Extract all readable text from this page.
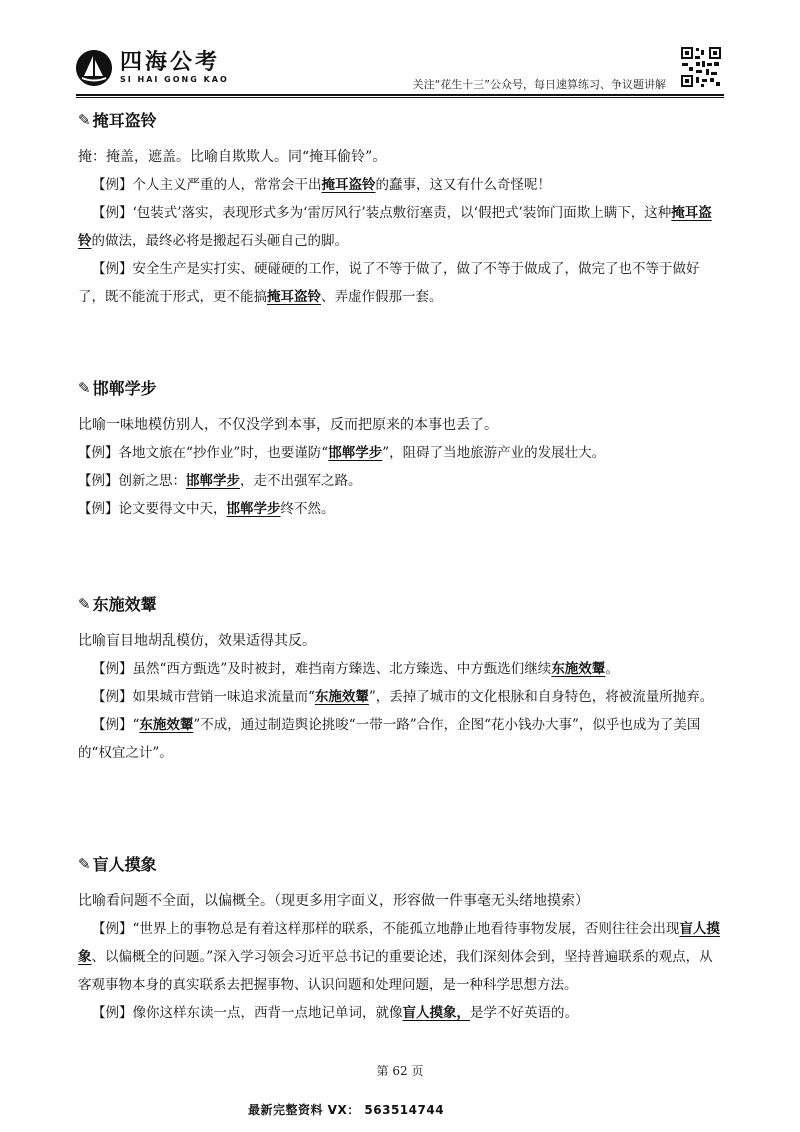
四海公考
SI HAI GONG KAO	关注“花生十三”公众号，每日速算练习、争议题讲解
✎ 掩耳盗铃

掩：掩盖，遮盖。比喻自欺欺人。同“掩耳偷铃”。

【例】个人主义严重的人，常常会干出掩耳盗铃的蠢事，这又有什么奇怪呢！

【例】‘包装式’落实，表现形式多为‘雷厉风行’装点敷衍塞责，以‘假把式’装饰门面欺上瞒下，这种掩耳盗铃的做法，最终必将是搬起石头砸自己的脚。

【例】安全生产是实打实、硬碰硬的工作，说了不等于做了，做了不等于做成了，做完了也不等于做好了，既不能流于形式，更不能搞掩耳盗铃、弄虚作假那一套。

✎ 邯郸学步

比喻一味地模仿别人，不仅没学到本事，反而把原来的本事也丢了。

【例】各地文旅在“抄作业”时，也要谨防“邯郸学步”，阻碍了当地旅游产业的发展壮大。

【例】创新之思：邯郸学步，走不出强军之路。

【例】论文要得文中天，邯郸学步终不然。

✎ 东施效颦

比喻盲目地胡乱模仿，效果适得其反。

【例】虽然“西方甄选”及时被封，难挡南方臻选、北方臻选、中方甄选们继续东施效颦。

【例】如果城市营销一味追求流量而“东施效颦”，丢掉了城市的文化根脉和自身特色，将被流量所抛弃。

【例】“东施效颦”不成，通过制造舆论挑唆“一带一路”合作，企图“花小钱办大事”，似乎也成为了美国的“权宜之计”。

✎ 盲人摸象

比喻看问题不全面，以偏概全。（现更多用字面义，形容做一件事毫无头绪地摸索）

【例】“世界上的事物总是有着这样那样的联系，不能孤立地静止地看待事物发展，否则往往会出现盲人摸象、以偏概全的问题。”深入学习领会习近平总书记的重要论述，我们深刻体会到，坚持普遍联系的观点，从客观事物本身的真实联系去把握事物、认识问题和处理问题，是一种科学思想方法。

【例】像你这样东读一点，西背一点地记单词，就像盲人摸象，是学不好英语的。

第 62 页
最新完整资料 VX： 563514744
